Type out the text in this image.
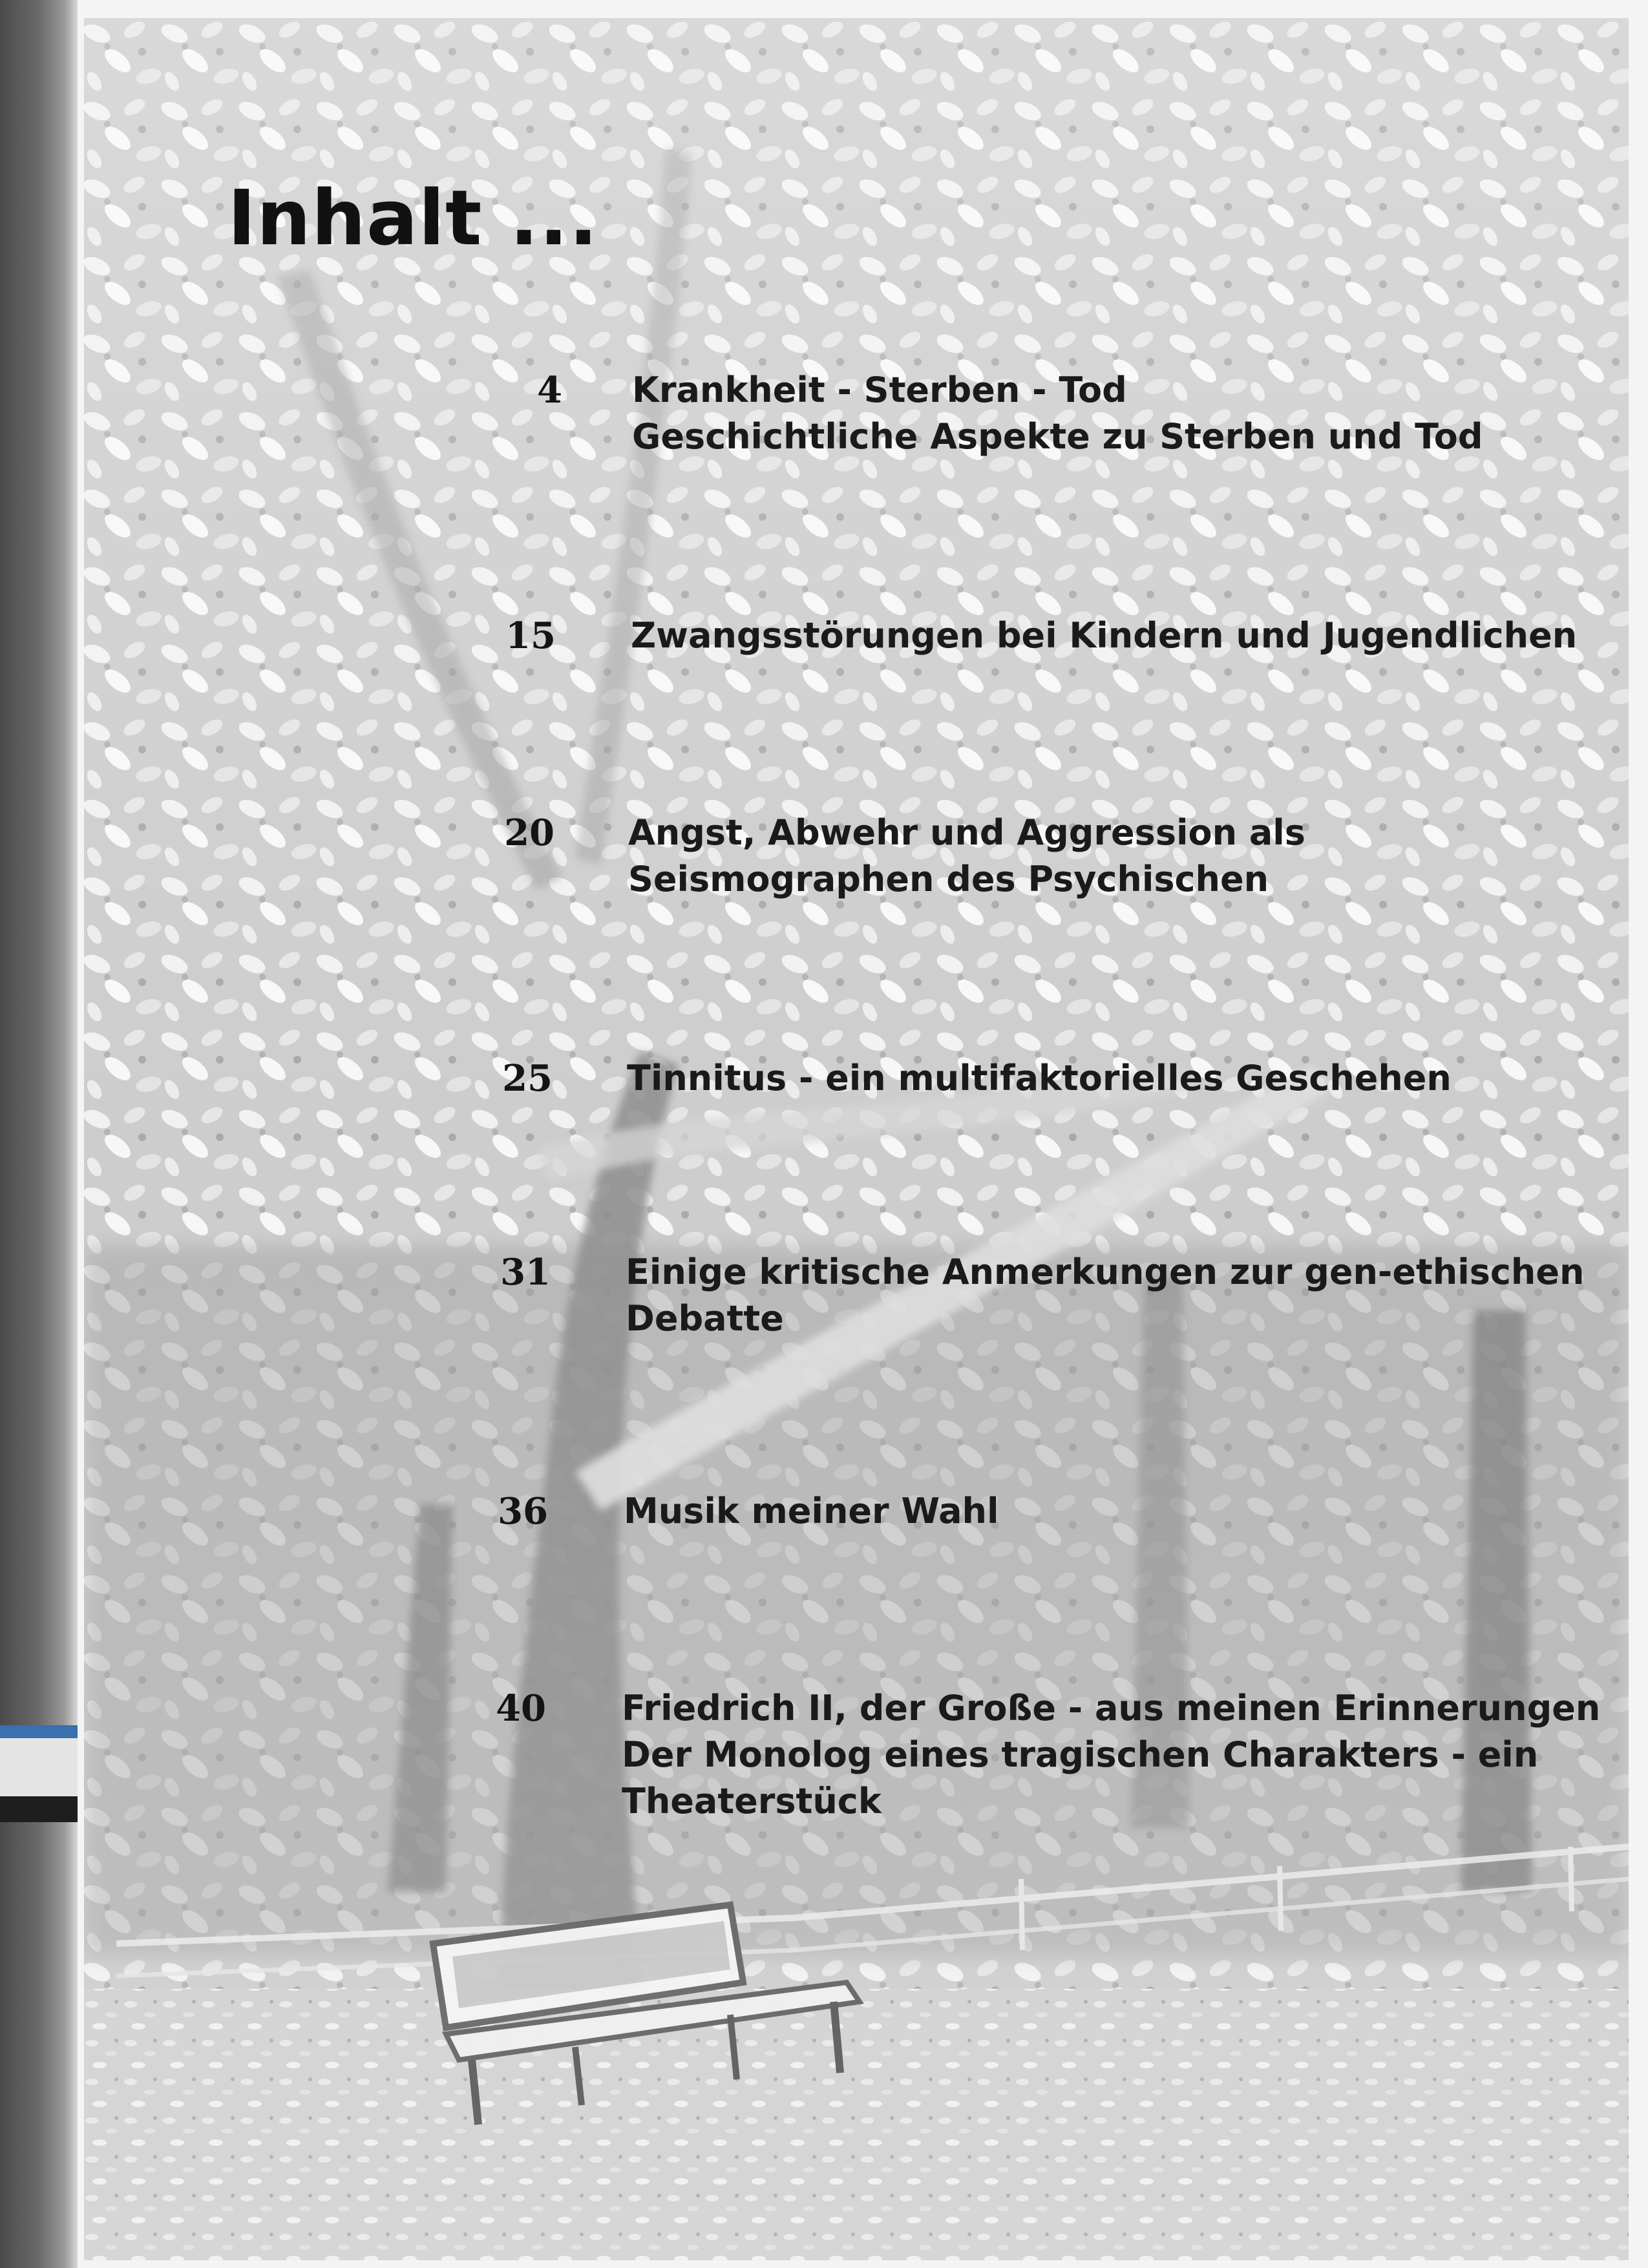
Inhalt ...
4 Krankheit - Sterben - Tod
Geschichtliche Aspekte zu Sterben und Tod
15 Zwangsstörungen bei Kindern und Jugendlichen
20 Angst, Abwehr und Aggression als
Seismographen des Psychischen
25 Tinnitus - ein multifaktorielles Geschehen
31 Einige kritische Anmerkungen zur gen-ethischen
Debatte
36 Musik meiner Wahl
40 Friedrich II, der Große - aus meinen Erinnerungen
Der Monolog eines tragischen Charakters - ein
Theaterstück
